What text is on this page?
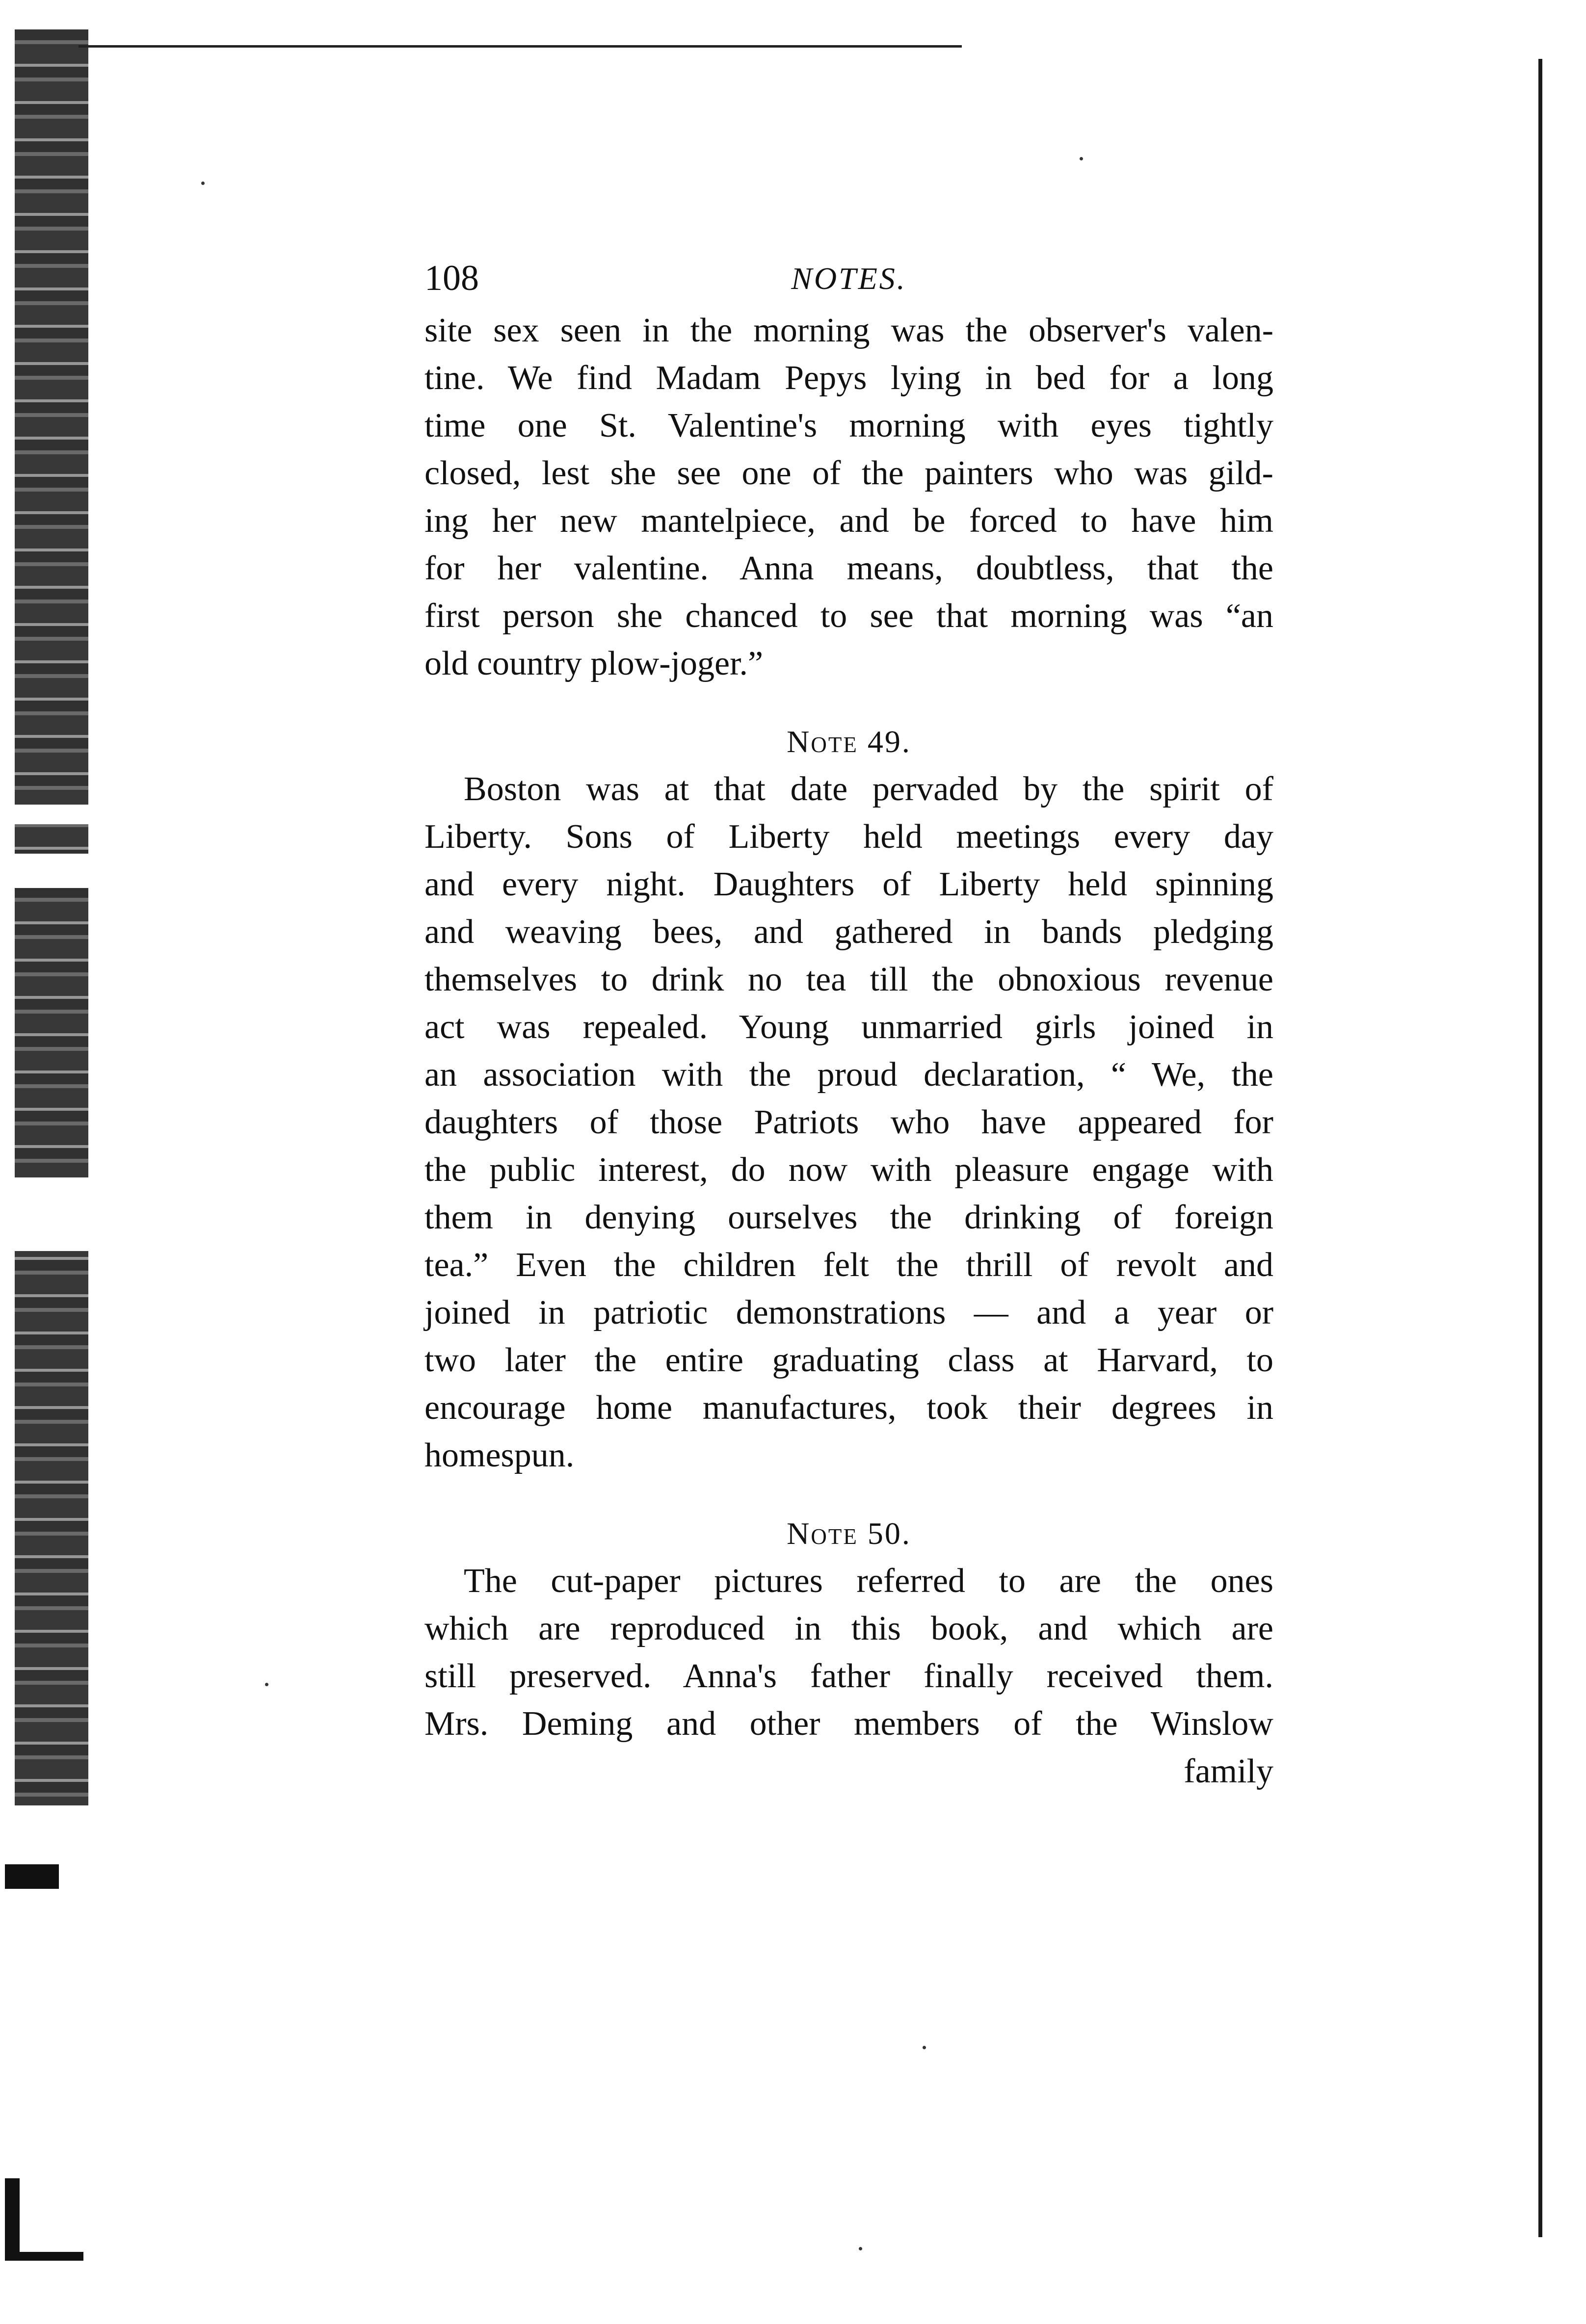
108	NOTES.
site sex seen in the morning was the observer's valen-
tine. We find Madam Pepys lying in bed for a long
time one St. Valentine's morning with eyes tightly
closed, lest she see one of the painters who was gild-
ing her new mantelpiece, and be forced to have him
for her valentine. Anna means, doubtless, that the
first person she chanced to see that morning was “an
old country plow-joger.”
Note 49.
Boston was at that date pervaded by the spirit of
Liberty. Sons of Liberty held meetings every day
and every night. Daughters of Liberty held spinning
and weaving bees, and gathered in bands pledging
themselves to drink no tea till the obnoxious revenue
act was repealed. Young unmarried girls joined in
an association with the proud declaration, “ We, the
daughters of those Patriots who have appeared for
the public interest, do now with pleasure engage with
them in denying ourselves the drinking of foreign
tea.” Even the children felt the thrill of revolt and
joined in patriotic demonstrations — and a year or
two later the entire graduating class at Harvard, to
encourage home manufactures, took their degrees in
homespun.
Note 50.
The cut-paper pictures referred to are the ones
which are reproduced in this book, and which are
still preserved. Anna's father finally received them.
Mrs. Deming and other members of the Winslow
family
